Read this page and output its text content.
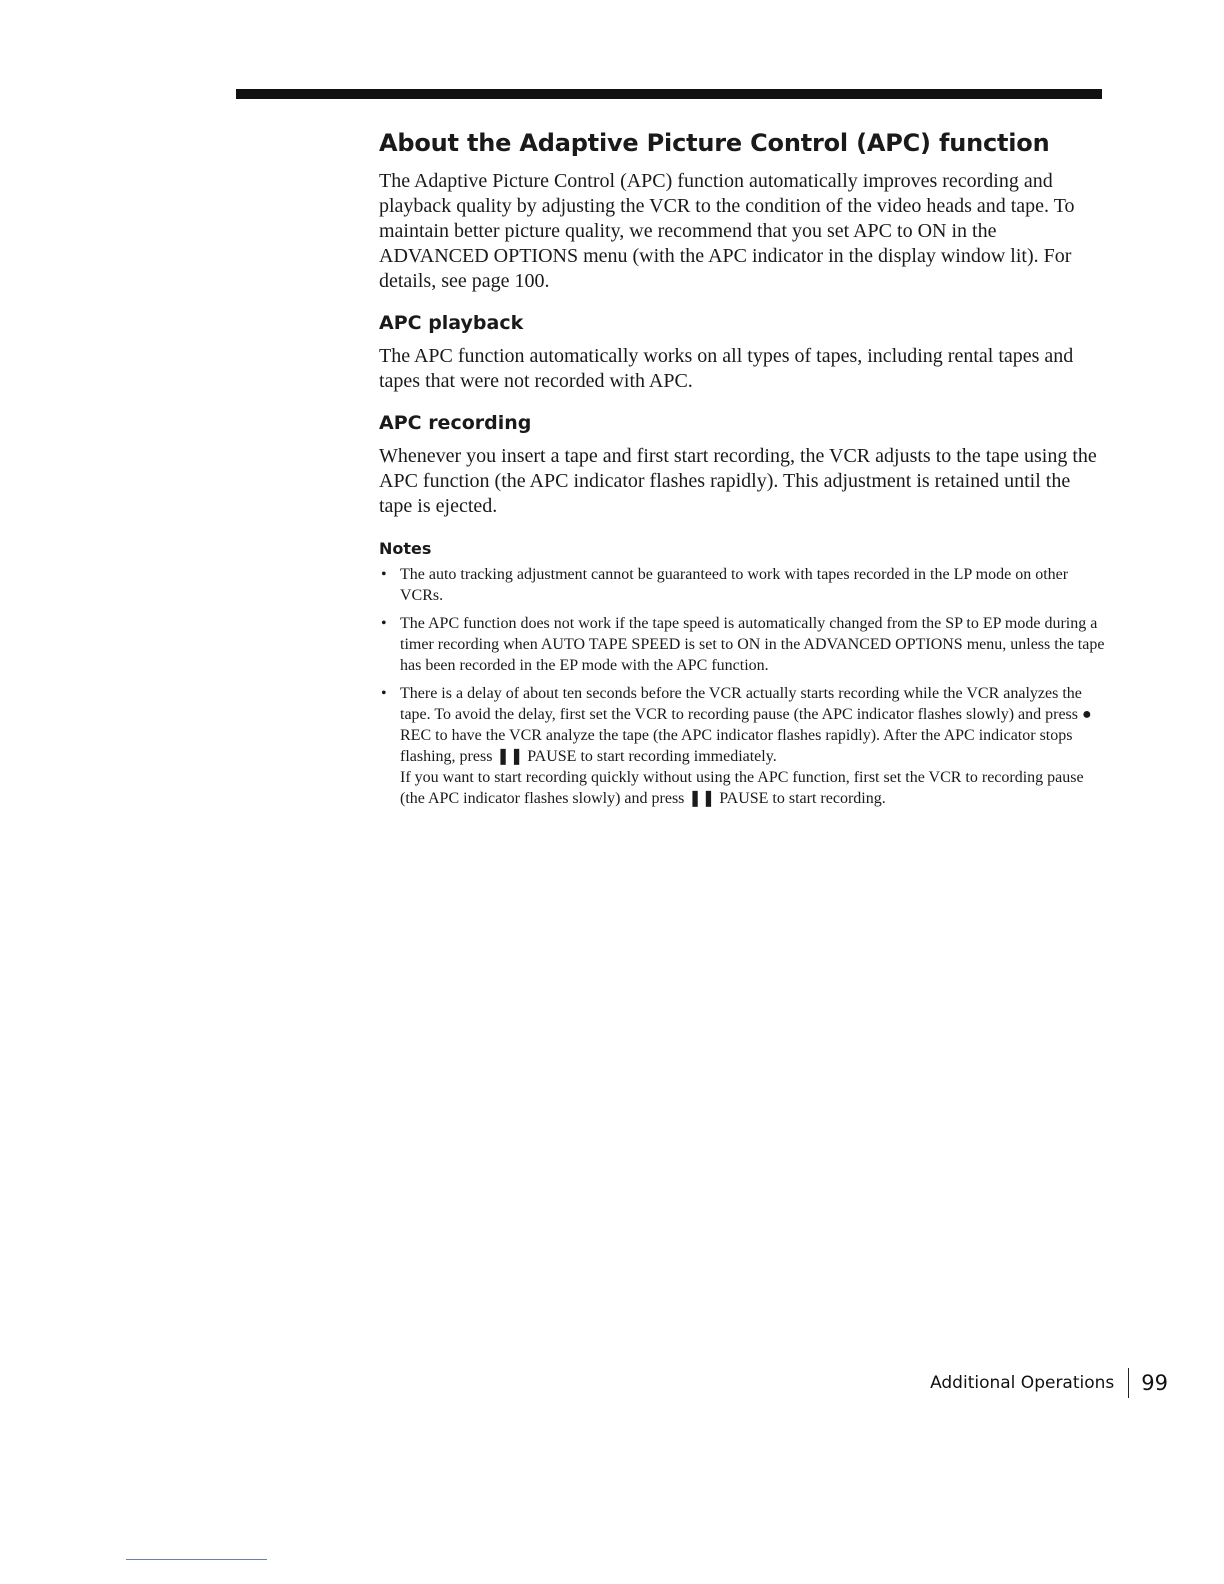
About the Adaptive Picture Control (APC) function

The Adaptive Picture Control (APC) function automatically improves recording and playback quality by adjusting the VCR to the condition of the video heads and tape. To maintain better picture quality, we recommend that you set APC to ON in the ADVANCED OPTIONS menu (with the APC indicator in the display window lit). For details, see page 100.

APC playback

The APC function automatically works on all types of tapes, including rental tapes and tapes that were not recorded with APC.

APC recording

Whenever you insert a tape and first start recording, the VCR adjusts to the tape using the APC function (the APC indicator flashes rapidly). This adjustment is retained until the tape is ejected.

Notes
• The auto tracking adjustment cannot be guaranteed to work with tapes recorded in the LP mode on other VCRs.

• The APC function does not work if the tape speed is automatically changed from the SP to EP mode during a timer recording when AUTO TAPE SPEED is set to ON in the ADVANCED OPTIONS menu, unless the tape has been recorded in the EP mode with the APC function.

• There is a delay of about ten seconds before the VCR actually starts recording while the VCR analyzes the tape. To avoid the delay, first set the VCR to recording pause (the APC indicator flashes slowly) and press ● REC to have the VCR analyze the tape (the APC indicator flashes rapidly). After the APC indicator stops flashing, press ❚❚ PAUSE to start recording immediately.

If you want to start recording quickly without using the APC function, first set the VCR to recording pause (the APC indicator flashes slowly) and press ❚❚ PAUSE to start recording.

Additional Operations 99
